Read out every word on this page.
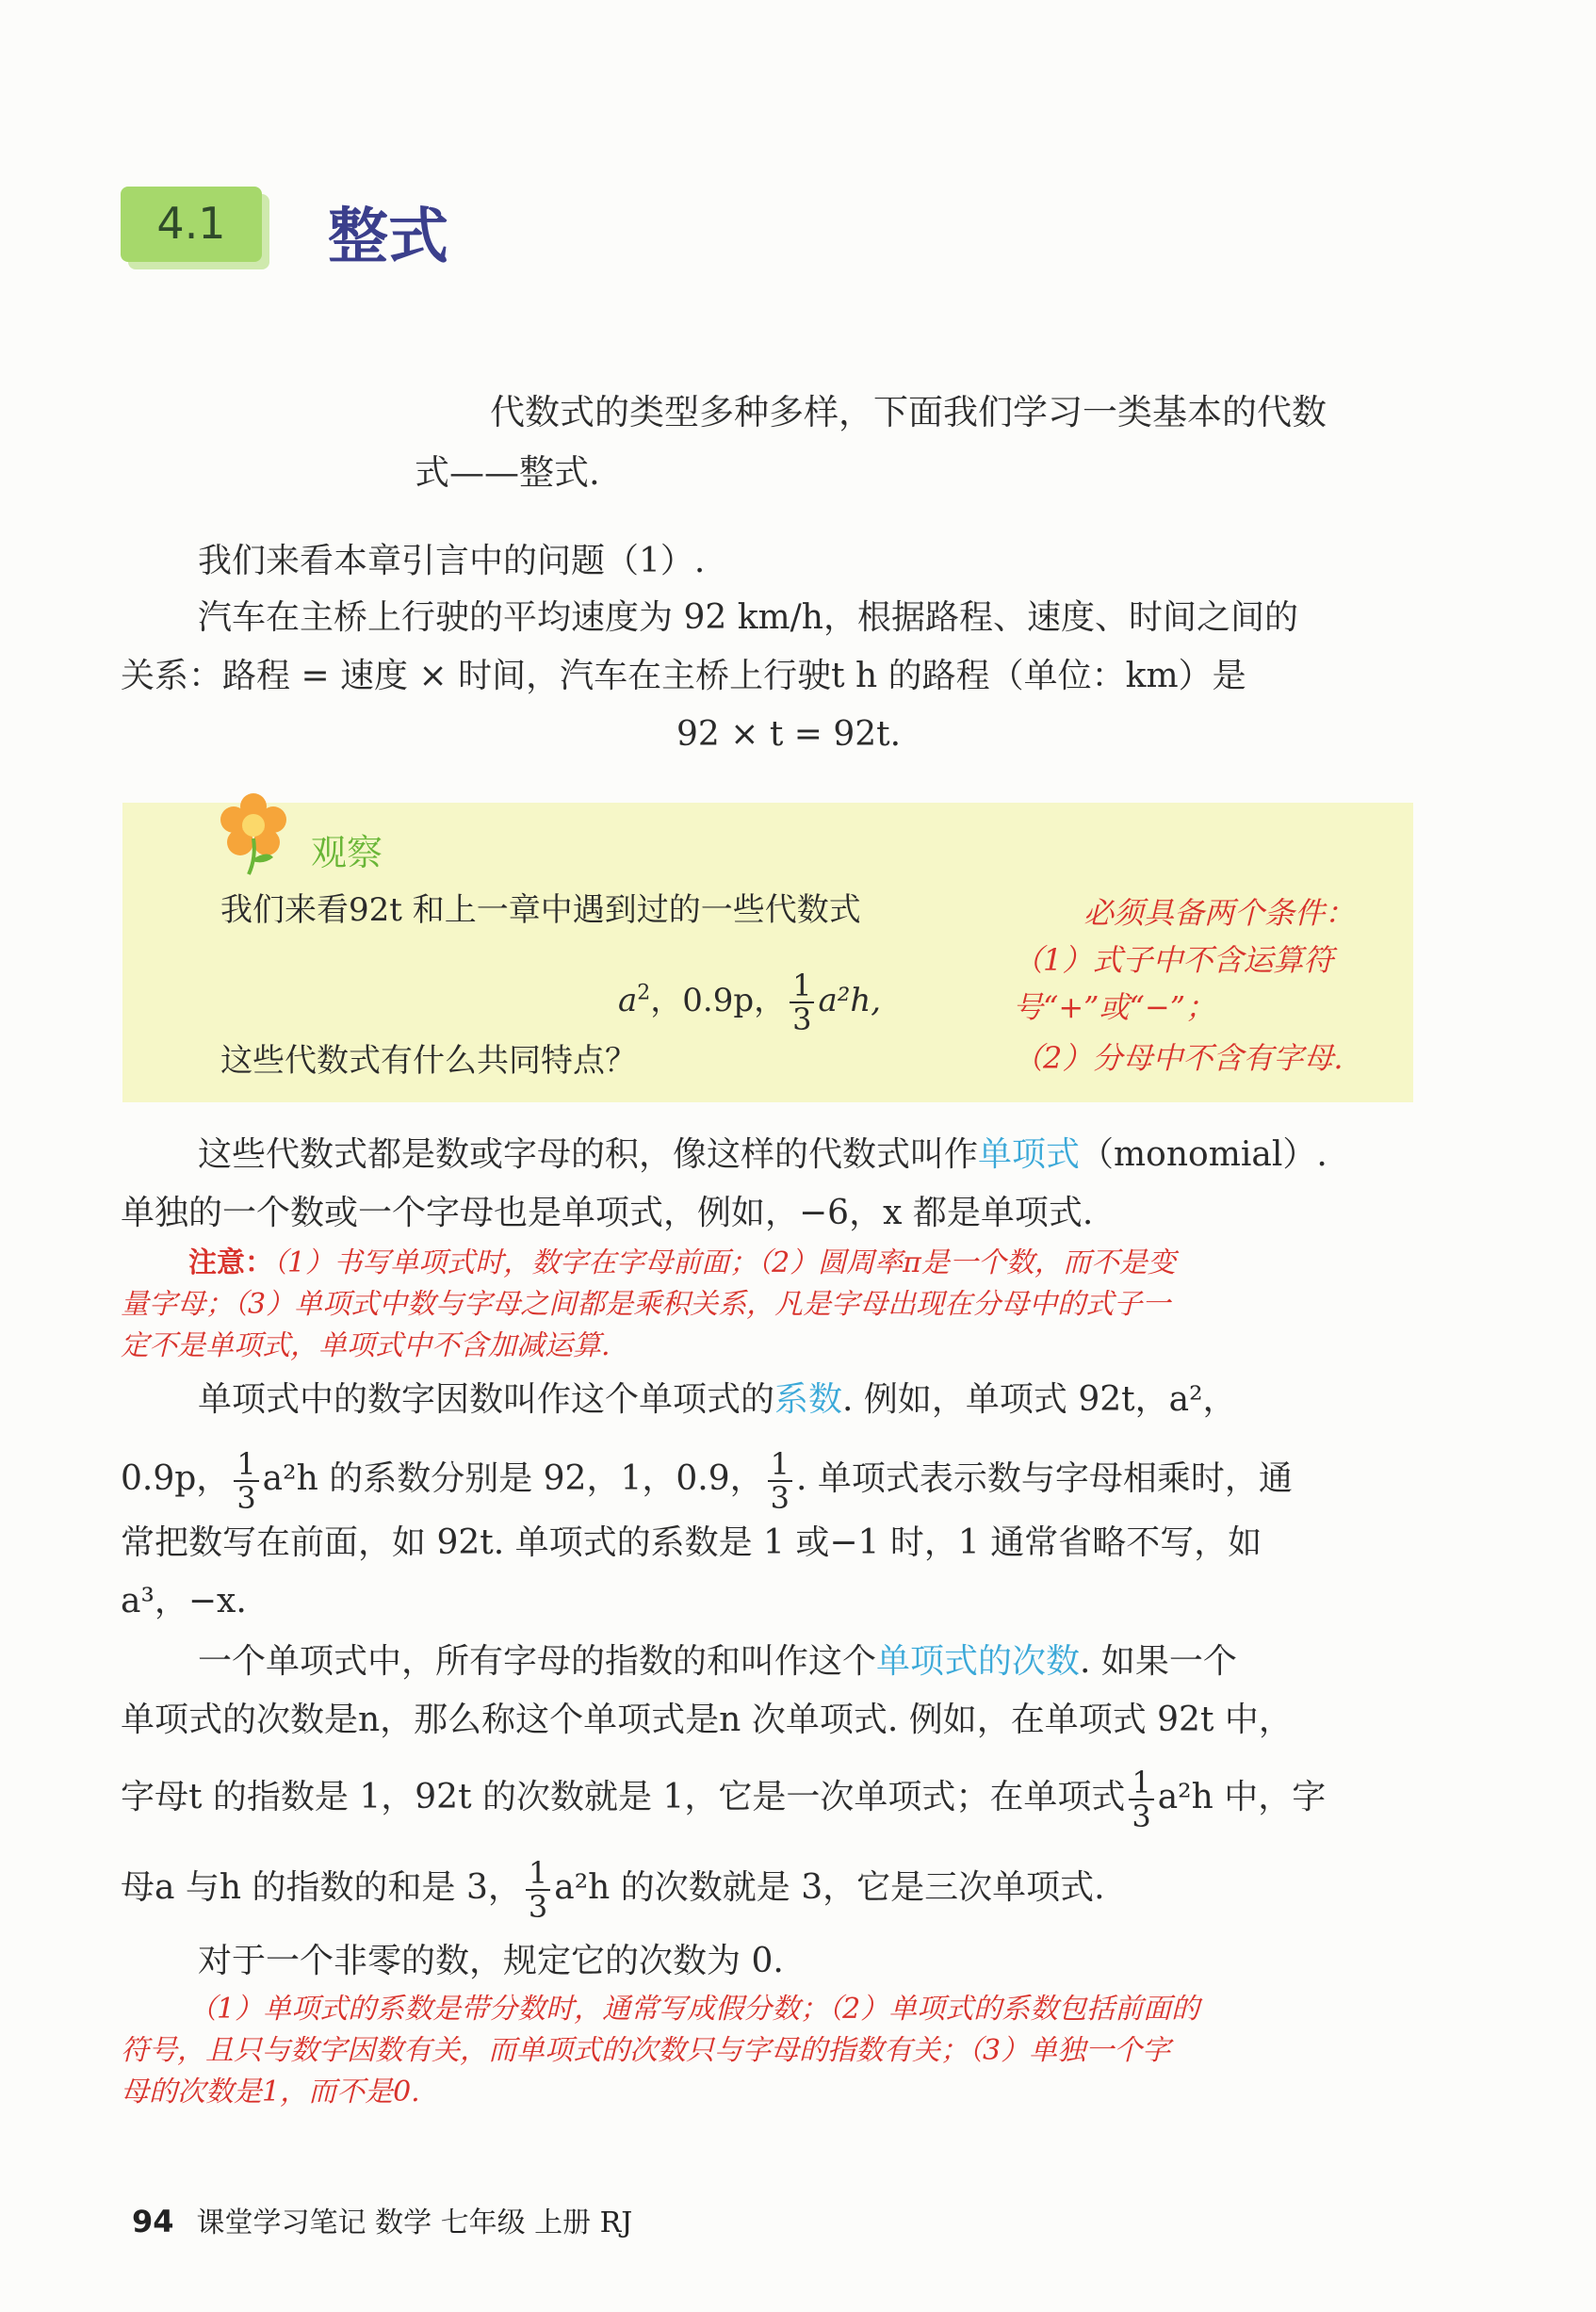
4.1	整式
代数式的类型多种多样，下面我们学习一类基本的代数
式——整式.
我们来看本章引言中的问题（1）.
汽车在主桥上行驶的平均速度为 92 km/h，根据路程、速度、时间之间的
关系：路程 = 速度 × 时间，汽车在主桥上行驶t h 的路程（单位：km）是
92 × t = 92t.
观察
我们来看92t 和上一章中遇到过的一些代数式
$a^2$，0.9p， $\frac{1}{3} a^2h$,
这些代数式有什么共同特点？
必须具备两个条件：
（1）式子中不含运算符
号“+”或“−”；
（2）分母中不含有字母.
这些代数式都是数或字母的积，像这样的代数式叫作单项式（monomial）.
单独的一个数或一个字母也是单项式，例如，−6，x 都是单项式.
注意：（1）书写单项式时，数字在字母前面；（2）圆周率π是一个数，而不是变
量字母；（3）单项式中数与字母之间都是乘积关系，凡是字母出现在分母中的式子一
定不是单项式，单项式中不含加减运算.
单项式中的数字因数叫作这个单项式的系数. 例如，单项式 92t，a²，
0.9p， $\frac{1}{3} a^2h$ 的系数分别是 92，1，0.9， $\frac{1}{3}$ . 单项式表示数与字母相乘时，通
常把数写在前面，如 92t. 单项式的系数是 1 或−1 时，1 通常省略不写，如
a³，−x.
一个单项式中，所有字母的指数的和叫作这个单项式的次数. 如果一个
单项式的次数是n，那么称这个单项式是n 次单项式. 例如，在单项式 92t 中，
字母t 的指数是 1，92t 的次数就是 1，它是一次单项式；在单项式 $\frac{1}{3} a^2h$ 中，字
母a 与h 的指数的和是 3， $\frac{1}{3} a^2h$ 的次数就是 3，它是三次单项式.
对于一个非零的数，规定它的次数为 0.
（1）单项式的系数是带分数时，通常写成假分数；（2）单项式的系数包括前面的
符号，且只与数字因数有关，而单项式的次数只与字母的指数有关；（3）单独一个字
母的次数是1，而不是0.
94 课堂学习笔记 数学 七年级 上册 RJ
